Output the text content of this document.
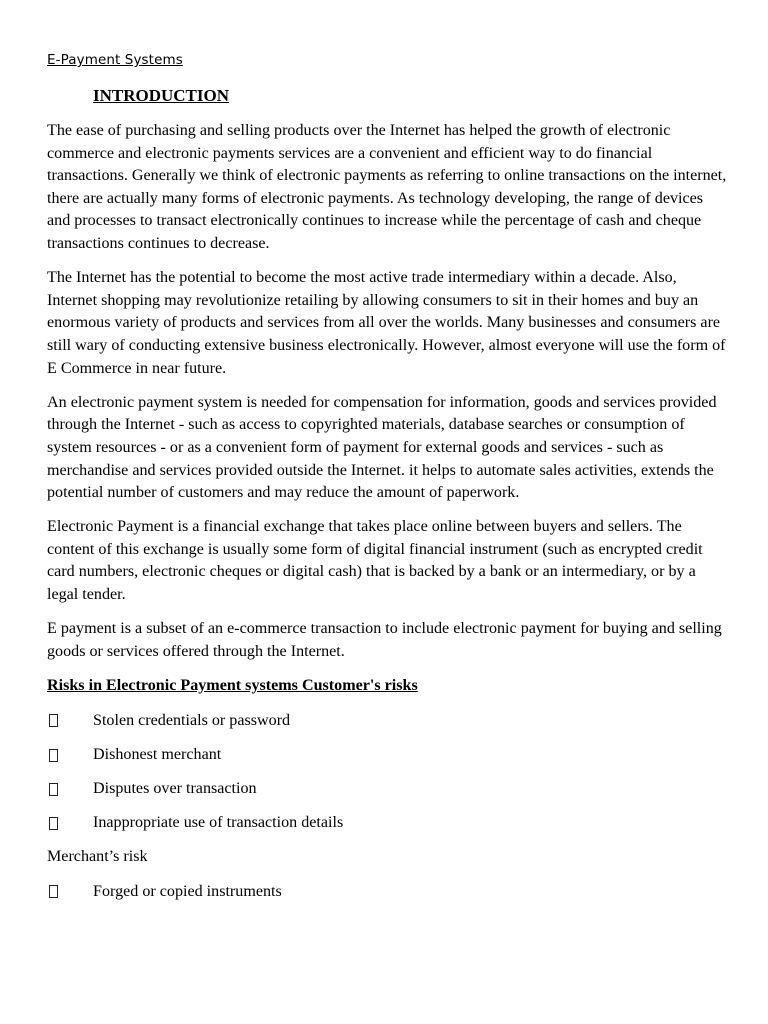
E-Payment Systems
INTRODUCTION

The ease of purchasing and selling products over the Internet has helped the growth of electronic commerce and electronic payments services are a convenient and efficient way to do financial transactions. Generally we think of electronic payments as referring to online transactions on the internet, there are actually many forms of electronic payments. As technology developing, the range of devices and processes to transact electronically continues to increase while the percentage of cash and cheque transactions continues to decrease.

The Internet has the potential to become the most active trade intermediary within a decade. Also, Internet shopping may revolutionize retailing by allowing consumers to sit in their homes and buy an enormous variety of products and services from all over the worlds. Many businesses and consumers are still wary of conducting extensive business electronically. However, almost everyone will use the form of E Commerce in near future.

An electronic payment system is needed for compensation for information, goods and services provided through the Internet - such as access to copyrighted materials, database searches or consumption of system resources - or as a convenient form of payment for external goods and services - such as merchandise and services provided outside the Internet. it helps to automate sales activities, extends the potential number of customers and may reduce the amount of paperwork.

Electronic Payment is a financial exchange that takes place online between buyers and sellers. The content of this exchange is usually some form of digital financial instrument (such as encrypted credit card numbers, electronic cheques or digital cash) that is backed by a bank or an intermediary, or by a legal tender.

E payment is a subset of an e-commerce transaction to include electronic payment for buying and selling goods or services offered through the Internet.

Risks in Electronic Payment systems Customer's risks
Stolen credentials or password
Dishonest merchant
Disputes over transaction
Inappropriate use of transaction details
Merchant’s risk
Forged or copied instruments
